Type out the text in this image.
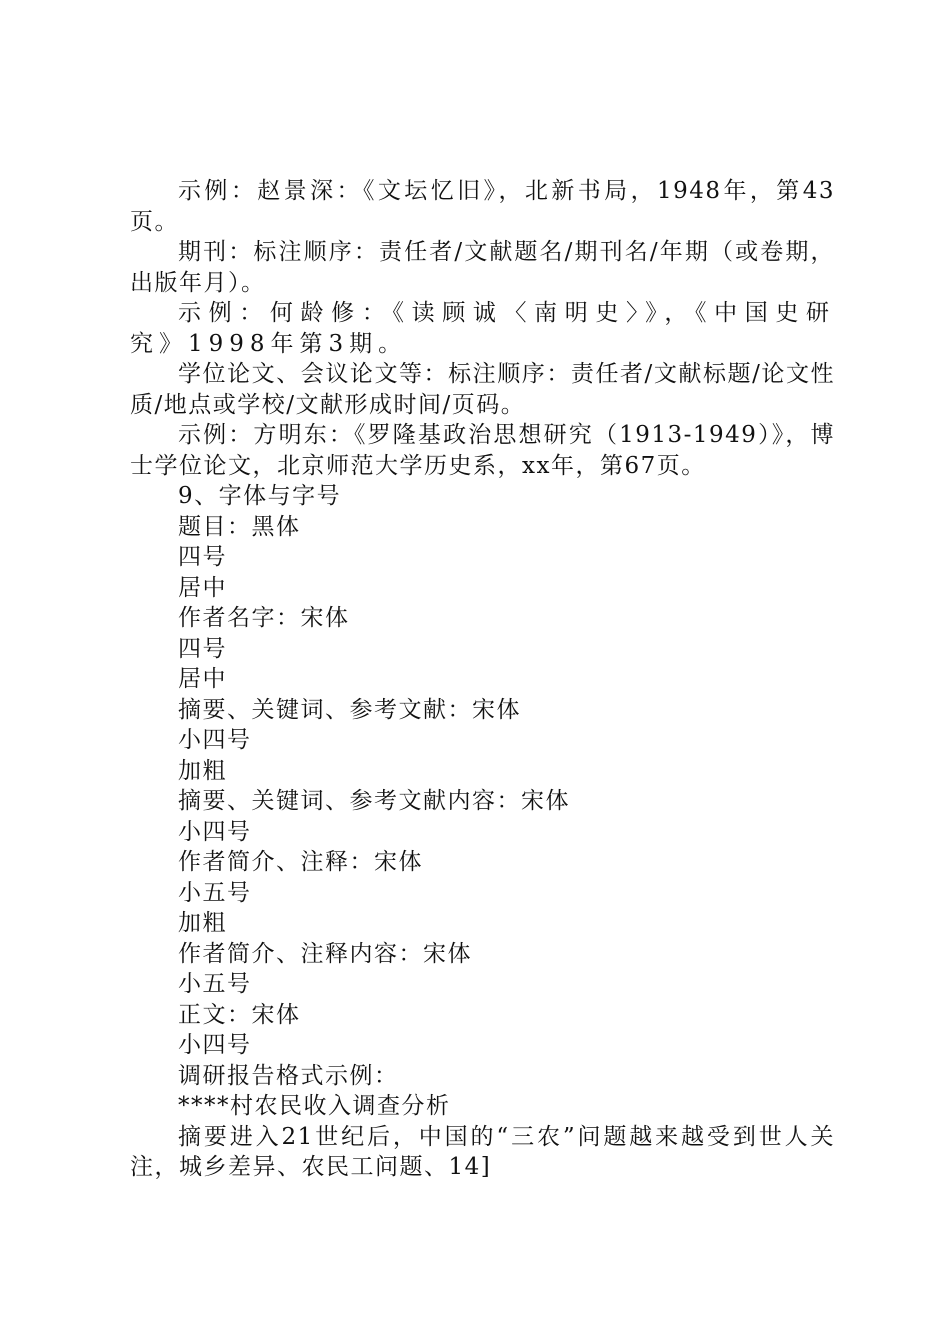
示例：赵景深：《文坛忆旧》，北新书局，1948年，第43页。

期刊：标注顺序：责任者/文献题名/期刊名/年期（或卷期，出版年月）。

示例：何龄修：《读顾诚〈南明史〉》，《中国史研究》1998年第3期。

学位论文、会议论文等：标注顺序：责任者/文献标题/论文性质/地点或学校/文献形成时间/页码。

示例：方明东：《罗隆基政治思想研究（1913-1949）》，博士学位论文，北京师范大学历史系，xx年，第67页。

9、字体与字号

题目：黑体

四号

居中

作者名字：宋体

四号

居中

摘要、关键词、参考文献：宋体

小四号

加粗

摘要、关键词、参考文献内容：宋体

小四号

作者简介、注释：宋体

小五号

加粗

作者简介、注释内容：宋体

小五号

正文：宋体

小四号

调研报告格式示例：

****村农民收入调查分析

摘要进入21世纪后，中国的“三农”问题越来越受到世人关注，城乡差异、农民工问题、14]
